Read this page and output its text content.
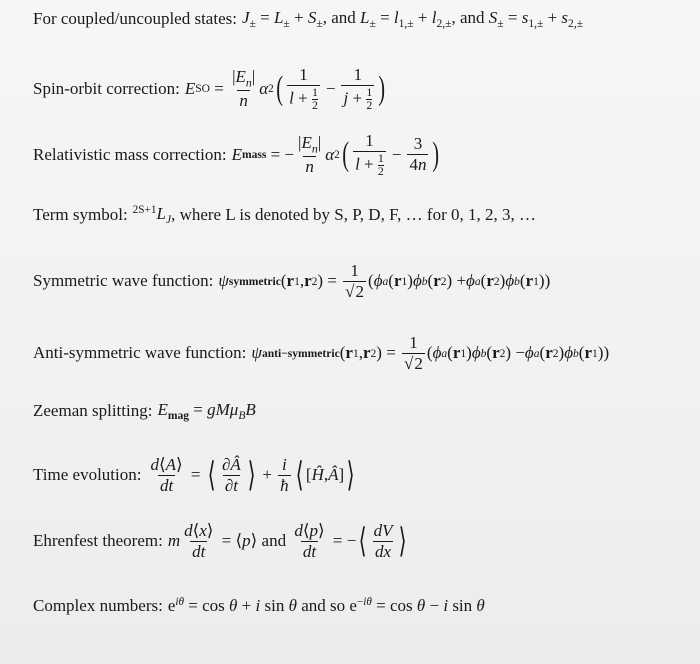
For coupled/uncoupled states: $J_\pm = L_\pm + S_\pm$, and $L_\pm = l_{1,\pm} + l_{2,\pm}$, and $S_\pm = s_{1,\pm} + s_{2,\pm}$
Spin-orbit correction: E SO = $\frac{|E_n|}{n}$ α 2 ( $\frac{1}{l + \frac{1}{2}} - \frac{1}{j + \frac{1}{2}}$ )
Relativistic mass correction: E mass = − $\frac{|E_n|}{n}$ α 2 ( $\frac{1}{l + \frac{1}{2}} - \frac{3}{4n}$ )
Term symbol: $^{2S+1}L_J$ , where L is denoted by S, P, D, F, … for 0, 1, 2, 3, …
Symmetric wave function: ψ symmetric ( r 1 , r 2 ) = $\frac{1}{√2}$ ( ϕ a ( r 1 ) ϕ b ( r 2 ) + ϕ a ( r 2 ) ϕ b ( r 1 ))
Anti-symmetric wave function: ψ anti−symmetric ( r 1 , r 2 ) = $\frac{1}{√2}$ ( ϕ a ( r 1 ) ϕ b ( r 2 ) − ϕ a ( r 2 ) ϕ b ( r 1 ))
Zeeman splitting: $E_{mag} = gM\mu_BB$
Time evolution: $\frac{d⟨A⟩}{dt}$ = ⟨ $\frac{\partial Â}{\partial t}$ ⟩ + $\frac{i}{ħ}$ ⟨ [ Ĥ , Â ] ⟩
Ehrenfest theorem: m $\frac{d⟨x⟩}{dt}$ = ⟨ p ⟩ and
$\frac{d⟨p⟩}{dt}$ = − ⟨ $\frac{dV}{dx}$ ⟩
Complex numbers: $e^{i\theta} = \cos \theta + i$ sin θ and so $e^{-i\theta} = \cos \theta - i$ sin θ
